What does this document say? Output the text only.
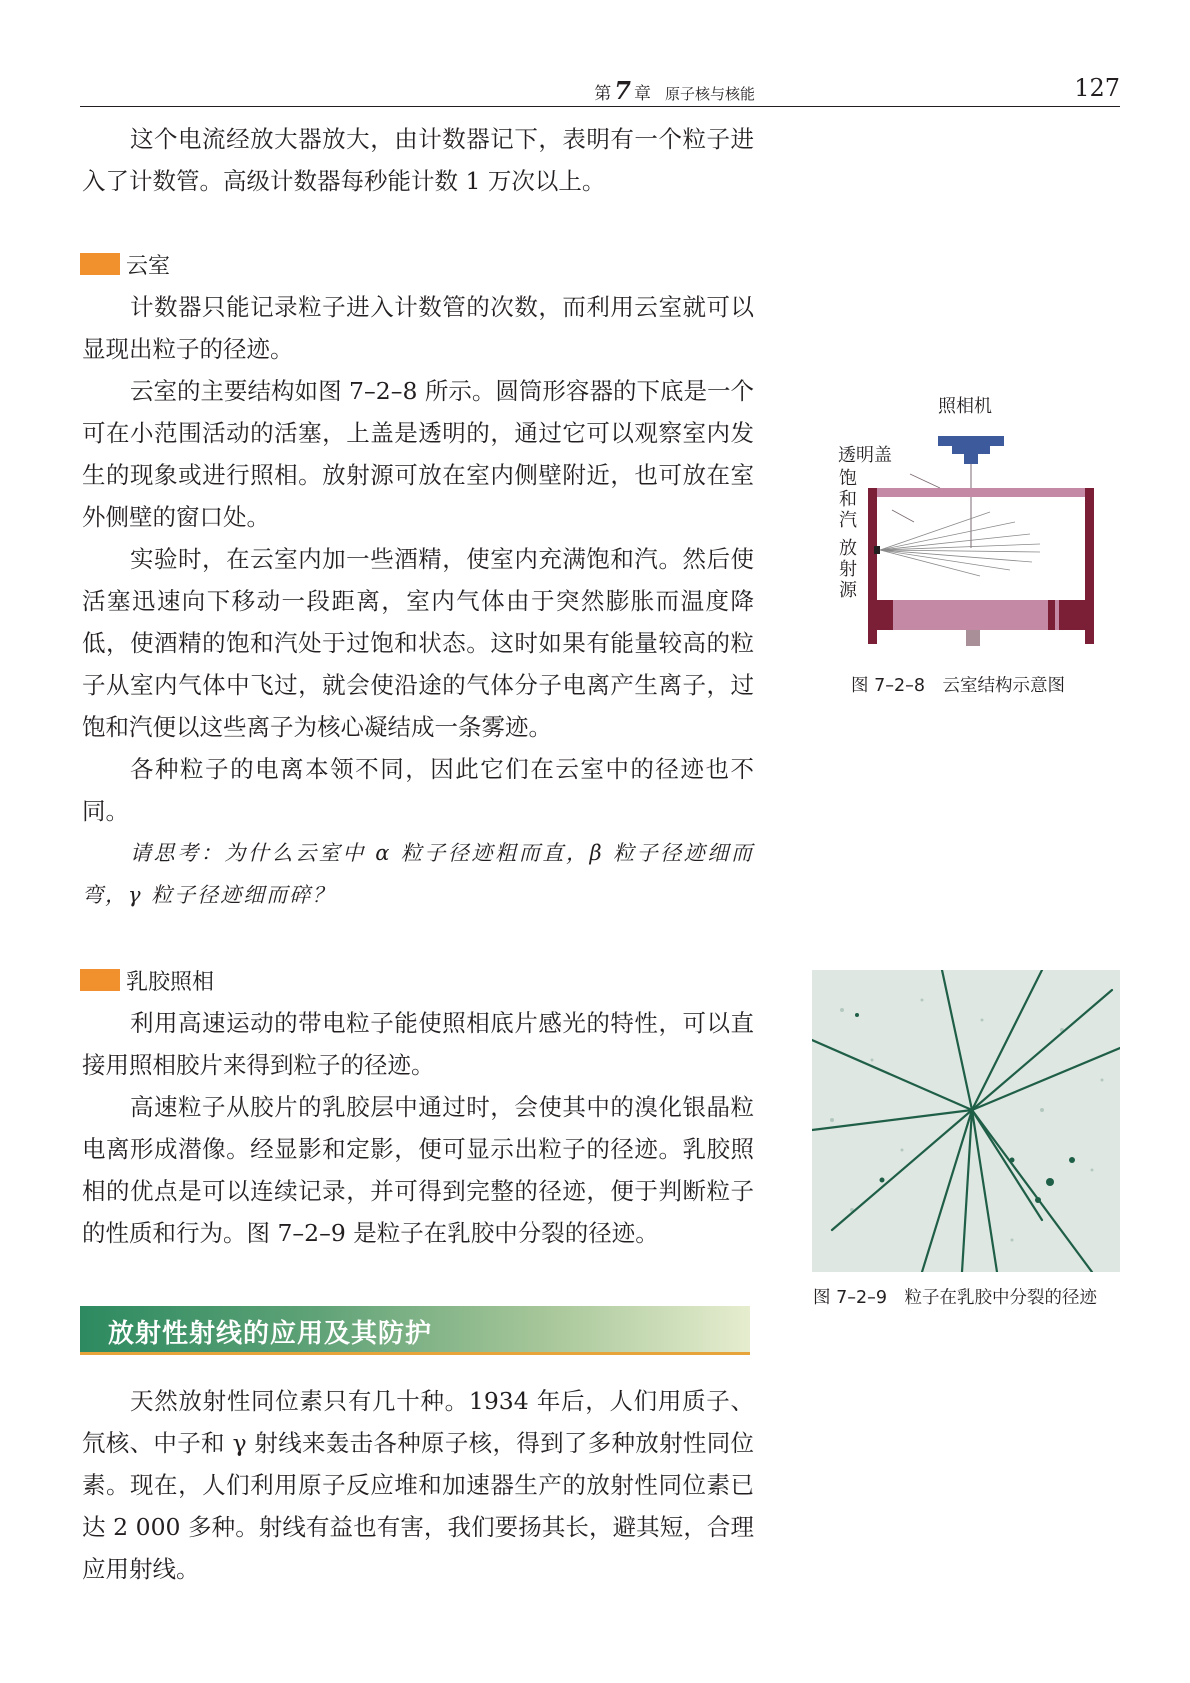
第 7 章 原子核与核能	127

这个电流经放大器放大，由计数器记下，表明有一个粒子进入了计数管。高级计数器每秒能计数 1 万次以上。

云室

计数器只能记录粒子进入计数管的次数，而利用云室就可以显现出粒子的径迹。

云室的主要结构如图 7–2–8 所示。圆筒形容器的下底是一个可在小范围活动的活塞，上盖是透明的，通过它可以观察室内发生的现象或进行照相。放射源可放在室内侧壁附近，也可放在室外侧壁的窗口处。

实验时，在云室内加一些酒精，使室内充满饱和汽。然后使活塞迅速向下移动一段距离，室内气体由于突然膨胀而温度降低，使酒精的饱和汽处于过饱和状态。这时如果有能量较高的粒子从室内气体中飞过，就会使沿途的气体分子电离产生离子，过饱和汽便以这些离子为核心凝结成一条雾迹。

各种粒子的电离本领不同，因此它们在云室中的径迹也不同。

请思考：为什么云室中 α 粒子径迹粗而直，β 粒子径迹细而弯，γ 粒子径迹细而碎？

照相机
透明盖
饱
和
汽
放
射
源
图 7–2–8　云室结构示意图
乳胶照相

利用高速运动的带电粒子能使照相底片感光的特性，可以直接用照相胶片来得到粒子的径迹。

高速粒子从胶片的乳胶层中通过时，会使其中的溴化银晶粒电离形成潜像。经显影和定影，便可显示出粒子的径迹。乳胶照相的优点是可以连续记录，并可得到完整的径迹，便于判断粒子的性质和行为。图 7–2–9 是粒子在乳胶中分裂的径迹。

图 7–2–9　粒子在乳胶中分裂的径迹
放射性射线的应用及其防护

天然放射性同位素只有几十种。1934 年后，人们用质子、氘核、中子和 γ 射线来轰击各种原子核，得到了多种放射性同位素。现在，人们利用原子反应堆和加速器生产的放射性同位素已达 2 000 多种。射线有益也有害，我们要扬其长，避其短，合理应用射线。
